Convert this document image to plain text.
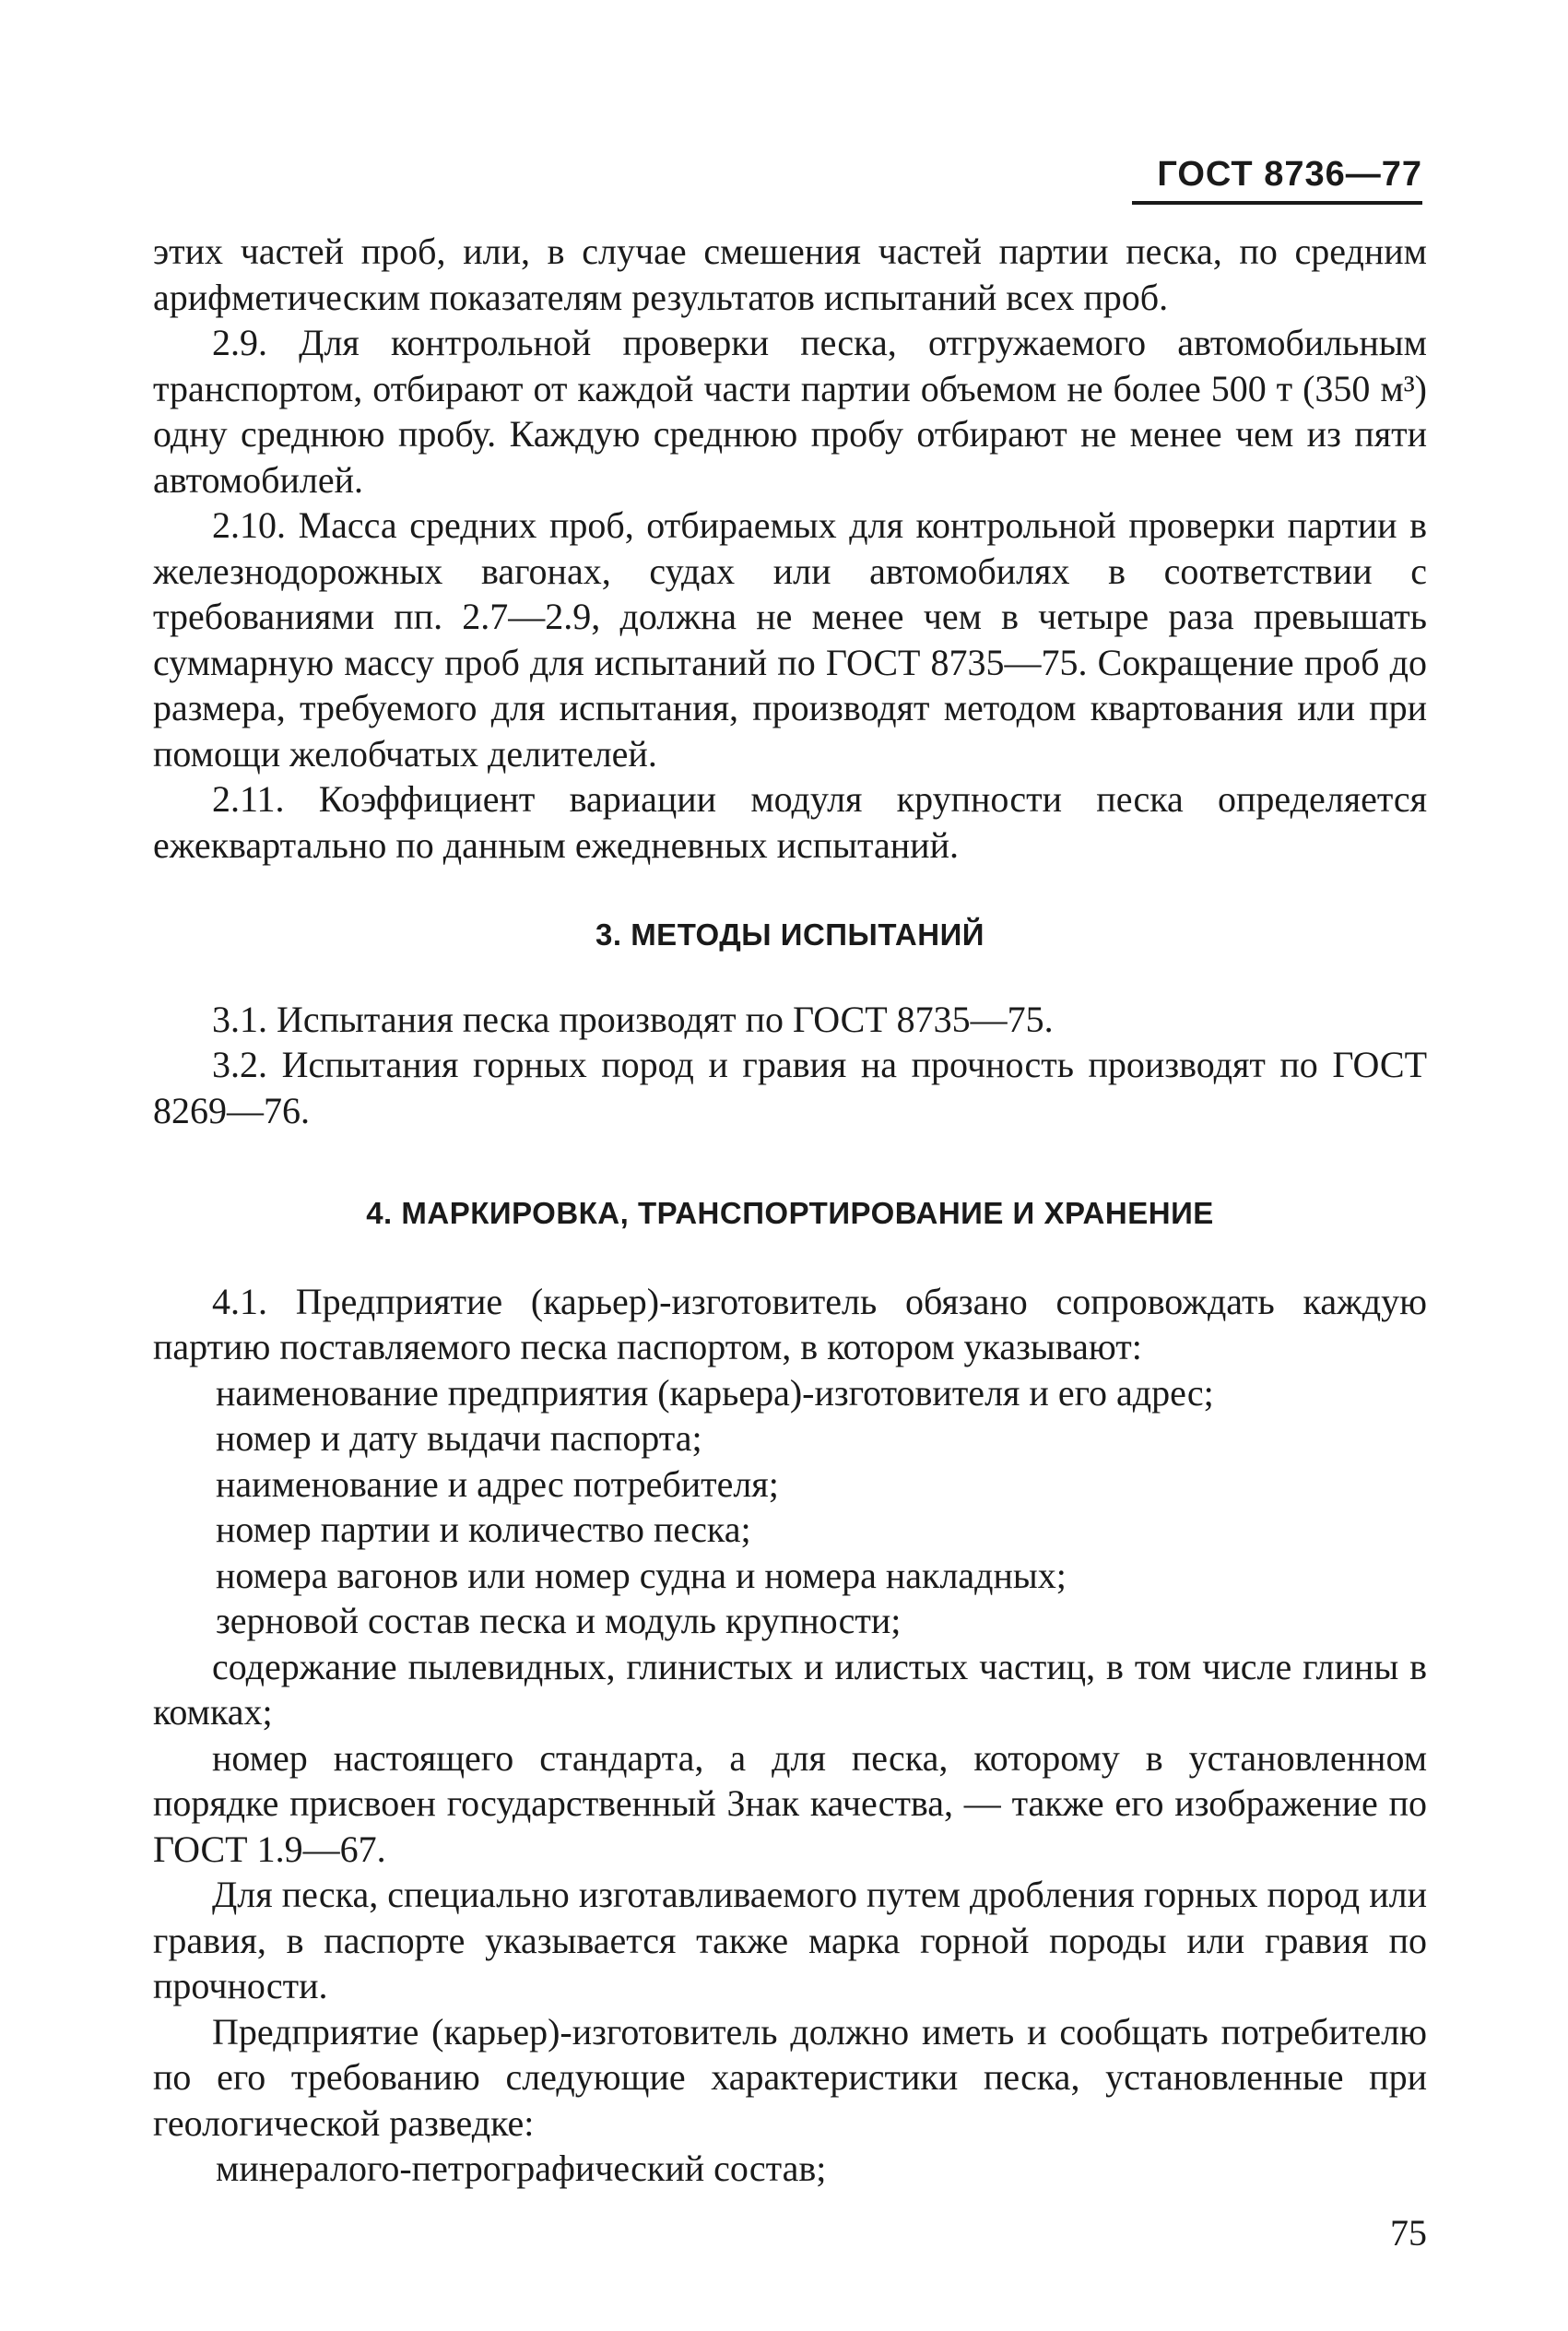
ГОСТ 8736—77

этих частей проб, или, в случае смешения частей партии песка, по средним арифметическим показателям результатов испытаний всех проб.

2.9. Для контрольной проверки песка, отгружаемого автомобильным транспортом, отбирают от каждой части партии объемом не более 500 т (350 м³) одну среднюю пробу. Каждую среднюю пробу отбирают не менее чем из пяти автомобилей.

2.10. Масса средних проб, отбираемых для контрольной проверки партии в железнодорожных вагонах, судах или автомобилях в соответствии с требованиями пп. 2.7—2.9, должна не менее чем в четыре раза превышать суммарную массу проб для испытаний по ГОСТ 8735—75. Сокращение проб до размера, требуемого для испытания, производят методом квартования или при помощи желобчатых делителей.

2.11. Коэффициент вариации модуля крупности песка определяется ежеквартально по данным ежедневных испытаний.

3. МЕТОДЫ ИСПЫТАНИЙ

3.1. Испытания песка производят по ГОСТ 8735—75.

3.2. Испытания горных пород и гравия на прочность производят по ГОСТ 8269—76.

4. МАРКИРОВКА, ТРАНСПОРТИРОВАНИЕ И ХРАНЕНИЕ

4.1. Предприятие (карьер)-изготовитель обязано сопровождать каждую партию поставляемого песка паспортом, в котором указывают:

наименование предприятия (карьера)-изготовителя и его адрес;

номер и дату выдачи паспорта;

наименование и адрес потребителя;

номер партии и количество песка;

номера вагонов или номер судна и номера накладных;

зерновой состав песка и модуль крупности;

содержание пылевидных, глинистых и илистых частиц, в том числе глины в комках;

номер настоящего стандарта, а для песка, которому в установленном порядке присвоен государственный Знак качества, — также его изображение по ГОСТ 1.9—67.

Для песка, специально изготавливаемого путем дробления горных пород или гравия, в паспорте указывается также марка горной породы или гравия по прочности.

Предприятие (карьер)-изготовитель должно иметь и сообщать потребителю по его требованию следующие характеристики песка, установленные при геологической разведке:

минералого-петрографический состав;

75
